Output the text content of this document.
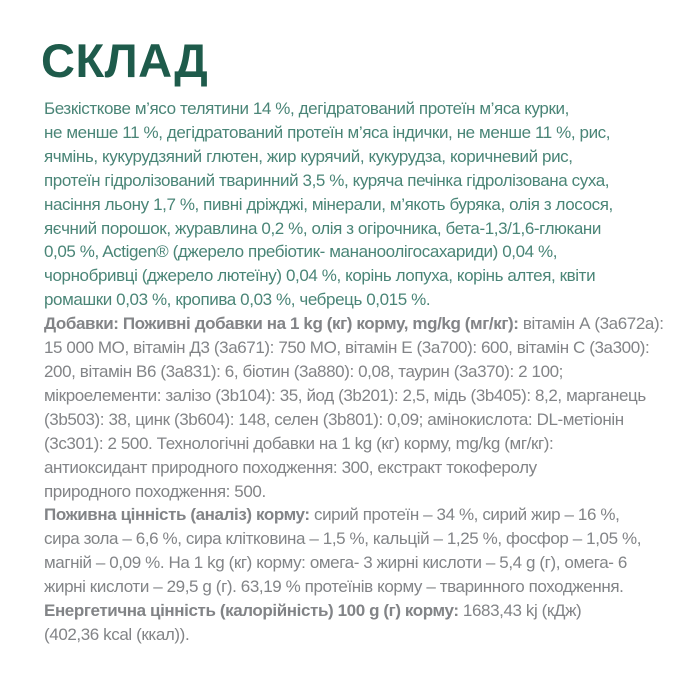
СКЛАД
Безкісткове м’ясо телятини 14 %, дегідратований протеїн м’яса курки,
не менше 11 %, дегідратований протеїн м’яса індички, не менше 11 %, рис,
ячмінь, кукурудзяний глютен, жир курячий, кукурудза, коричневий рис,
протеїн гідролізований тваринний 3,5 %, куряча печінка гідролізована суха,
насіння льону 1,7 %, пивні дріжджі, мінерали, м’якоть буряка, олія з лосося,
яєчний порошок, журавлина 0,2 %, олія з огірочника, бета-1,3/1,6-глюкани
0,05 %, Actigen® (джерело пребіотик- мананоолігосахариди) 0,04 %,
чорнобривці (джерело лютеїну) 0,04 %, корінь лопуха, корінь алтея, квіти
ромашки 0,03 %, кропива 0,03 %, чебрець 0,015 %.
Добавки: Поживні добавки на 1 kg (кг) корму, mg/kg (мг/кг): вітамін А (3a672a):
15 000 МО, вітамін Д3 (3a671): 750 МО, вітамін Е (3a700): 600, вітамін С (3a300):
200, вітамін В6 (3a831): 6, біотин (3a880): 0,08, таурин (3a370): 2 100;
мікроелементи: залізо (3b104): 35, йод (3b201): 2,5, мідь (3b405): 8,2, марганець
(3b503): 38, цинк (3b604): 148, селен (3b801): 0,09; амінокислота: DL-метіонін
(3c301): 2 500. Технологічні добавки на 1 kg (кг) корму, mg/kg (мг/кг):
антиоксидант природного походження: 300, екстракт токоферолу
природного походження: 500.
Поживна цінність (аналіз) корму: сирий протеїн – 34 %, сирий жир – 16 %,
сира зола – 6,6 %, сира клітковина – 1,5 %, кальцій – 1,25 %, фосфор – 1,05 %,
магній – 0,09 %. На 1 kg (кг) корму: омега- 3 жирні кислоти – 5,4 g (г), омега- 6
жирні кислоти – 29,5 g (г). 63,19 % протеїнів корму – тваринного походження.
Енергетична цінність (калорійність) 100 g (г) корму: 1683,43 kj (кДж)
(402,36 kcal (ккал)).
